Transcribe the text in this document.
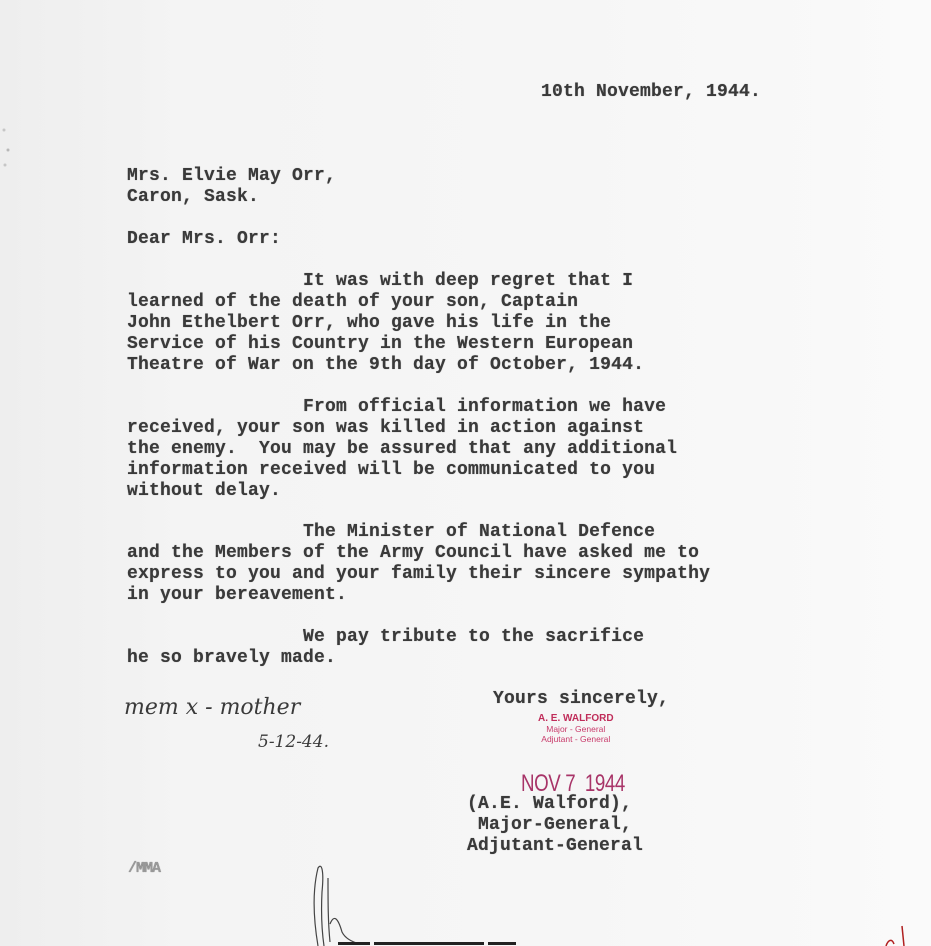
10th November, 1944.
Mrs. Elvie May Orr,
Caron, Sask.
Dear Mrs. Orr:
It was with deep regret that I
learned of the death of your son, Captain
John Ethelbert Orr, who gave his life in the
Service of his Country in the Western European
Theatre of War on the 9th day of October, 1944.
From official information we have
received, your son was killed in action against
the enemy.  You may be assured that any additional
information received will be communicated to you
without delay.
The Minister of National Defence
and the Members of the Army Council have asked me to
express to you and your family their sincere sympathy
in your bereavement.
We pay tribute to the sacrifice
he so bravely made.
mem x - mother
5-12-44.
Yours sincerely,
A. E. WALFORD
Major - General
Adjutant - General
NOV 7  1944
(A.E. Walford),
Major-General,
Adjutant-General
/MMA
